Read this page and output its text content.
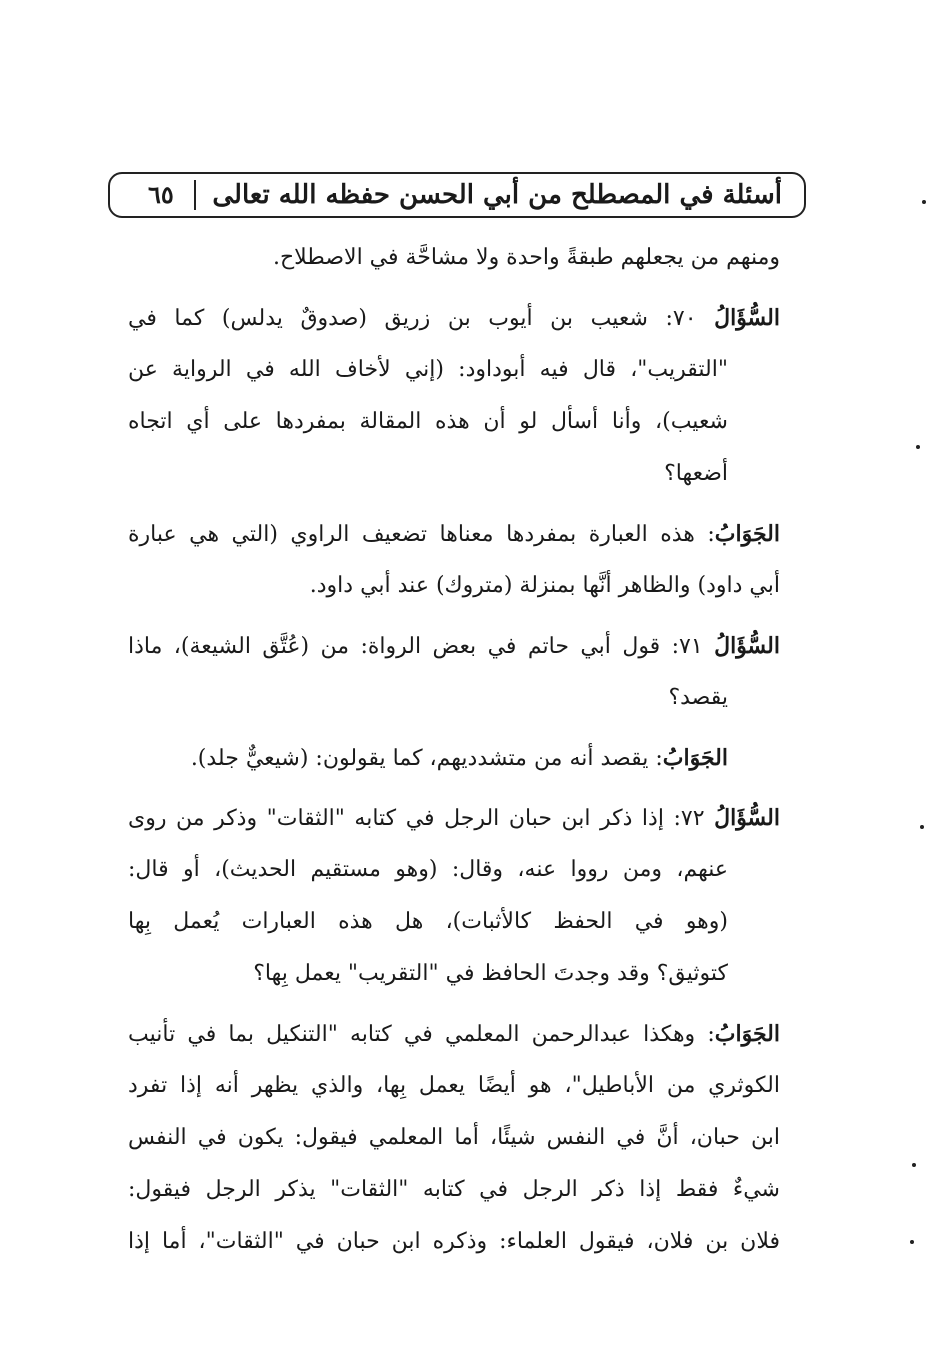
أسئلة في المصطلح من أبي الحسن حفظه الله تعالى
٦٥
ومنهم من يجعلهم طبقةً واحدة ولا مشاحَّة في الاصطلاح.
السُّؤَالُ ٧٠: شعيب بن أيوب بن زريق (صدوقٌ يدلس) كما في
"التقريب"، قال فيه أبوداود: (إني لأخاف الله في الرواية عن
شعيب)، وأنا أسأل لو أن هذه المقالة بمفردها على أي اتجاه
أضعها؟
الجَوَابُ: هذه العبارة بمفردها معناها تضعيف الراوي (التي هي عبارة
أبي داود) والظاهر أنَّها بمنزلة (متروك) عند أبي داود.
السُّؤَالُ ٧١: قول أبي حاتم في بعض الرواة: من (عُتَّق الشيعة)، ماذا
يقصد؟
الجَوَابُ: يقصد أنه من متشدديهم، كما يقولون: (شيعيٌّ جلد).
السُّؤَالُ ٧٢: إذا ذكر ابن حبان الرجل في كتابه "الثقات" وذكر من روى
عنهم، ومن رووا عنه، وقال: (وهو مستقيم الحديث)، أو قال:
(وهو في الحفظ كالأثبات)، هل هذه العبارات يُعمل بِها
كتوثيق؟ وقد وجدتَ الحافظ في "التقريب" يعمل بِها؟
الجَوَابُ: وهكذا عبدالرحمن المعلمي في كتابه "التنكيل بما في تأنيب
الكوثري من الأباطيل"، هو أيضًا يعمل بِها، والذي يظهر أنه إذا تفرد
ابن حبان، أنَّ في النفس شيئًا، أما المعلمي فيقول: يكون في النفس
شيءٌ فقط إذا ذكر الرجل في كتابه "الثقات" يذكر الرجل فيقول:
فلان بن فلان، فيقول العلماء: وذكره ابن حبان في "الثقات"، أما إذا
